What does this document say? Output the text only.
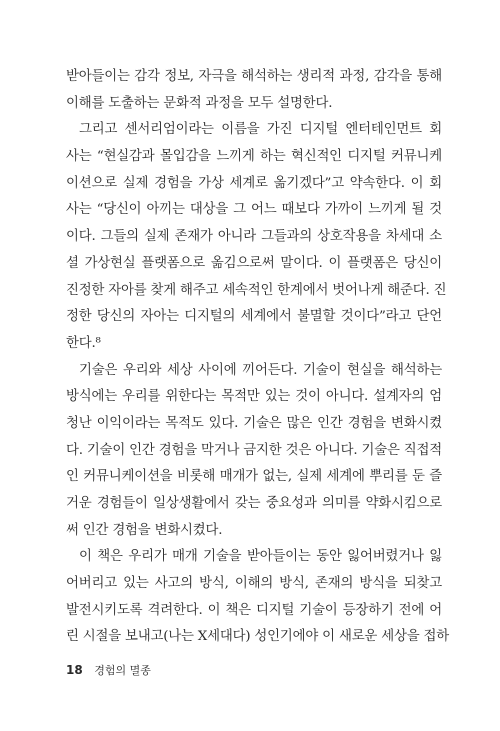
받아들이는 감각 정보, 자극을 해석하는 생리적 과정, 감각을 통해
이해를 도출하는 문화적 과정을 모두 설명한다.
그리고 센서리엄이라는 이름을 가진 디지털 엔터테인먼트 회
사는 “현실감과 몰입감을 느끼게 하는 혁신적인 디지털 커뮤니케
이션으로 실제 경험을 가상 세계로 옮기겠다”고 약속한다. 이 회
사는 “당신이 아끼는 대상을 그 어느 때보다 가까이 느끼게 될 것
이다. 그들의 실제 존재가 아니라 그들과의 상호작용을 차세대 소
셜 가상현실 플랫폼으로 옮김으로써 말이다. 이 플랫폼은 당신이
진정한 자아를 찾게 해주고 세속적인 한계에서 벗어나게 해준다. 진
정한 당신의 자아는 디지털의 세계에서 불멸할 것이다”라고 단언
한다.⁸
기술은 우리와 세상 사이에 끼어든다. 기술이 현실을 해석하는
방식에는 우리를 위한다는 목적만 있는 것이 아니다. 설계자의 엄
청난 이익이라는 목적도 있다. 기술은 많은 인간 경험을 변화시켰
다. 기술이 인간 경험을 막거나 금지한 것은 아니다. 기술은 직접적
인 커뮤니케이션을 비롯해 매개가 없는, 실제 세계에 뿌리를 둔 즐
거운 경험들이 일상생활에서 갖는 중요성과 의미를 약화시킴으로
써 인간 경험을 변화시켰다.
이 책은 우리가 매개 기술을 받아들이는 동안 잃어버렸거나 잃
어버리고 있는 사고의 방식, 이해의 방식, 존재의 방식을 되찾고
발전시키도록 격려한다. 이 책은 디지털 기술이 등장하기 전에 어
린 시절을 보내고(나는 X세대다) 성인기에야 이 새로운 세상을 접하
18 경험의 멸종
